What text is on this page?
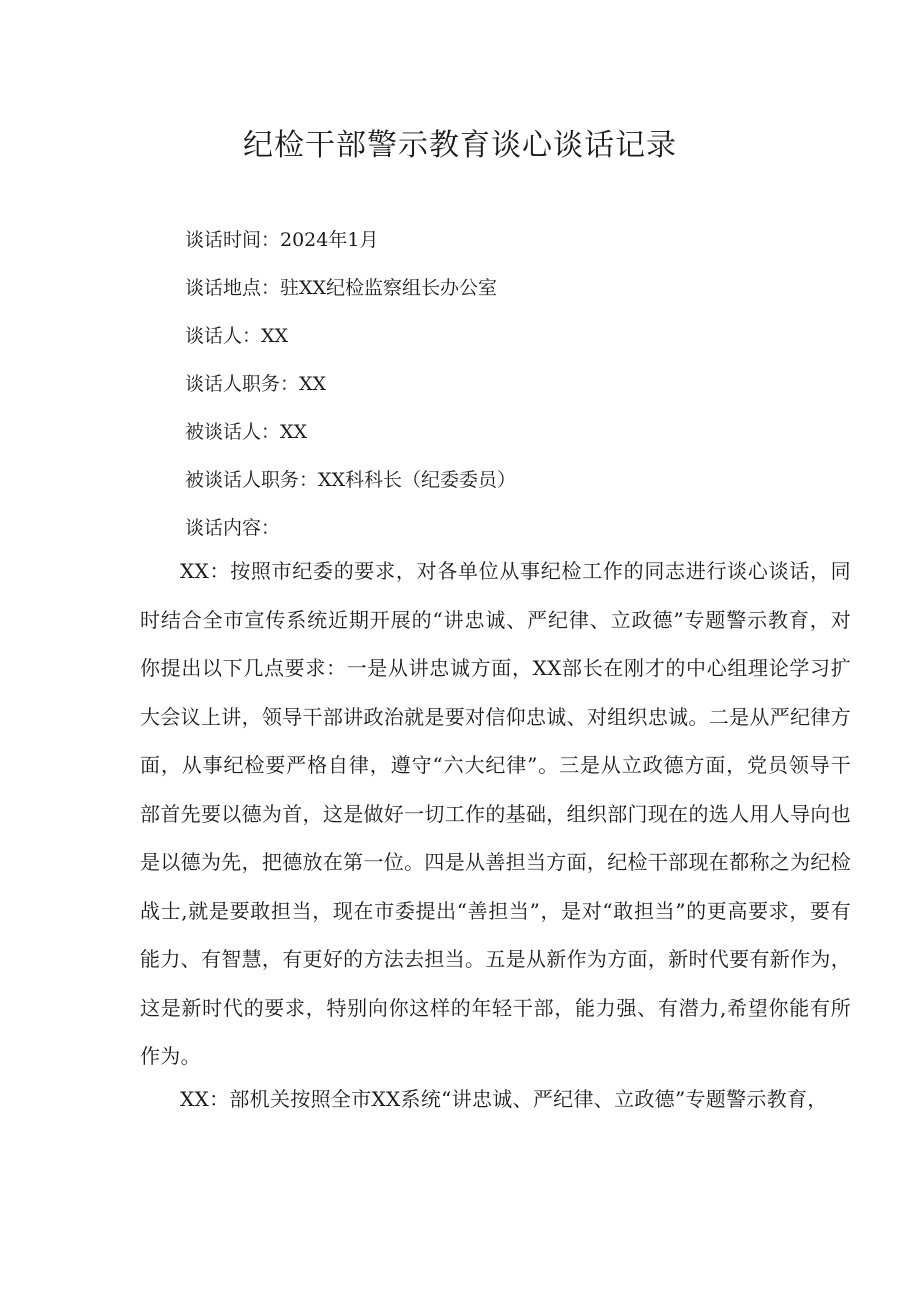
纪检干部警示教育谈心谈话记录
谈话时间：2024年1月
谈话地点：驻XX纪检监察组长办公室
谈话人：XX
谈话人职务：XX
被谈话人：XX
被谈话人职务：XX科科长（纪委委员）
谈话内容：

XX：按照市纪委的要求，对各单位从事纪检工作的同志进行谈心谈话，同时结合全市宣传系统近期开展的“讲忠诚、严纪律、立政德”专题警示教育，对你提出以下几点要求：一是从讲忠诚方面，XX部长在刚才的中心组理论学习扩大会议上讲，领导干部讲政治就是要对信仰忠诚、对组织忠诚。二是从严纪律方面，从事纪检要严格自律，遵守“六大纪律”。三是从立政德方面，党员领导干部首先要以德为首，这是做好一切工作的基础，组织部门现在的选人用人导向也是以德为先，把德放在第一位。四是从善担当方面，纪检干部现在都称之为纪检战士,就是要敢担当，现在市委提出“善担当”，是对“敢担当”的更高要求，要有能力、有智慧，有更好的方法去担当。五是从新作为方面，新时代要有新作为，这是新时代的要求，特别向你这样的年轻干部，能力强、有潜力,希望你能有所作为。

XX：部机关按照全市XX系统“讲忠诚、严纪律、立政德”专题警示教育，
